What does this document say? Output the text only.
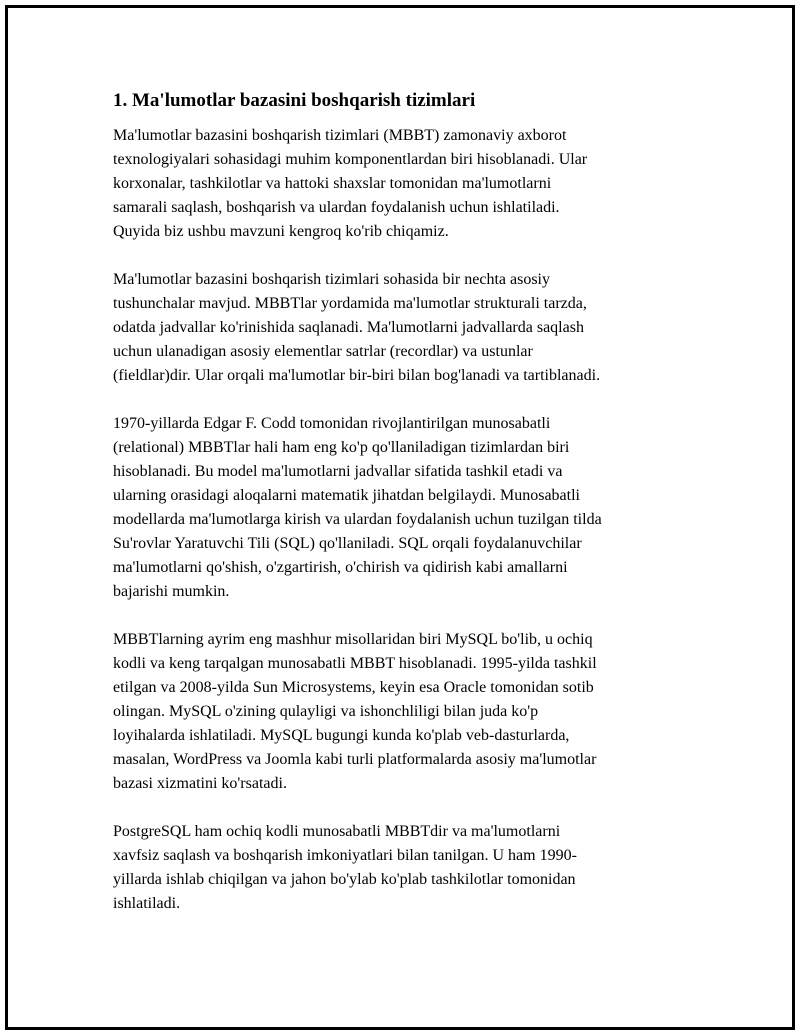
1. Ma'lumotlar bazasini boshqarish tizimlari

Ma'lumotlar bazasini boshqarish tizimlari (MBBT) zamonaviy axborot
texnologiyalari sohasidagi muhim komponentlardan biri hisoblanadi. Ular
korxonalar, tashkilotlar va hattoki shaxslar tomonidan ma'lumotlarni
samarali saqlash, boshqarish va ulardan foydalanish uchun ishlatiladi.
Quyida biz ushbu mavzuni kengroq ko'rib chiqamiz.

Ma'lumotlar bazasini boshqarish tizimlari sohasida bir nechta asosiy
tushunchalar mavjud. MBBTlar yordamida ma'lumotlar strukturali tarzda,
odatda jadvallar ko'rinishida saqlanadi. Ma'lumotlarni jadvallarda saqlash
uchun ulanadigan asosiy elementlar satrlar (recordlar) va ustunlar
(fieldlar)dir. Ular orqali ma'lumotlar bir-biri bilan bog'lanadi va tartiblanadi.

1970-yillarda Edgar F. Codd tomonidan rivojlantirilgan munosabatli
(relational) MBBTlar hali ham eng ko'p qo'llaniladigan tizimlardan biri
hisoblanadi. Bu model ma'lumotlarni jadvallar sifatida tashkil etadi va
ularning orasidagi aloqalarni matematik jihatdan belgilaydi. Munosabatli
modellarda ma'lumotlarga kirish va ulardan foydalanish uchun tuzilgan tilda
Su'rovlar Yaratuvchi Tili (SQL) qo'llaniladi. SQL orqali foydalanuvchilar
ma'lumotlarni qo'shish, o'zgartirish, o'chirish va qidirish kabi amallarni
bajarishi mumkin.

MBBTlarning ayrim eng mashhur misollaridan biri MySQL bo'lib, u ochiq
kodli va keng tarqalgan munosabatli MBBT hisoblanadi. 1995-yilda tashkil
etilgan va 2008-yilda Sun Microsystems, keyin esa Oracle tomonidan sotib
olingan. MySQL o'zining qulayligi va ishonchliligi bilan juda ko'p
loyihalarda ishlatiladi. MySQL bugungi kunda ko'plab veb-dasturlarda,
masalan, WordPress va Joomla kabi turli platformalarda asosiy ma'lumotlar
bazasi xizmatini ko'rsatadi.

PostgreSQL ham ochiq kodli munosabatli MBBTdir va ma'lumotlarni
xavfsiz saqlash va boshqarish imkoniyatlari bilan tanilgan. U ham 1990-
yillarda ishlab chiqilgan va jahon bo'ylab ko'plab tashkilotlar tomonidan
ishlatiladi.
